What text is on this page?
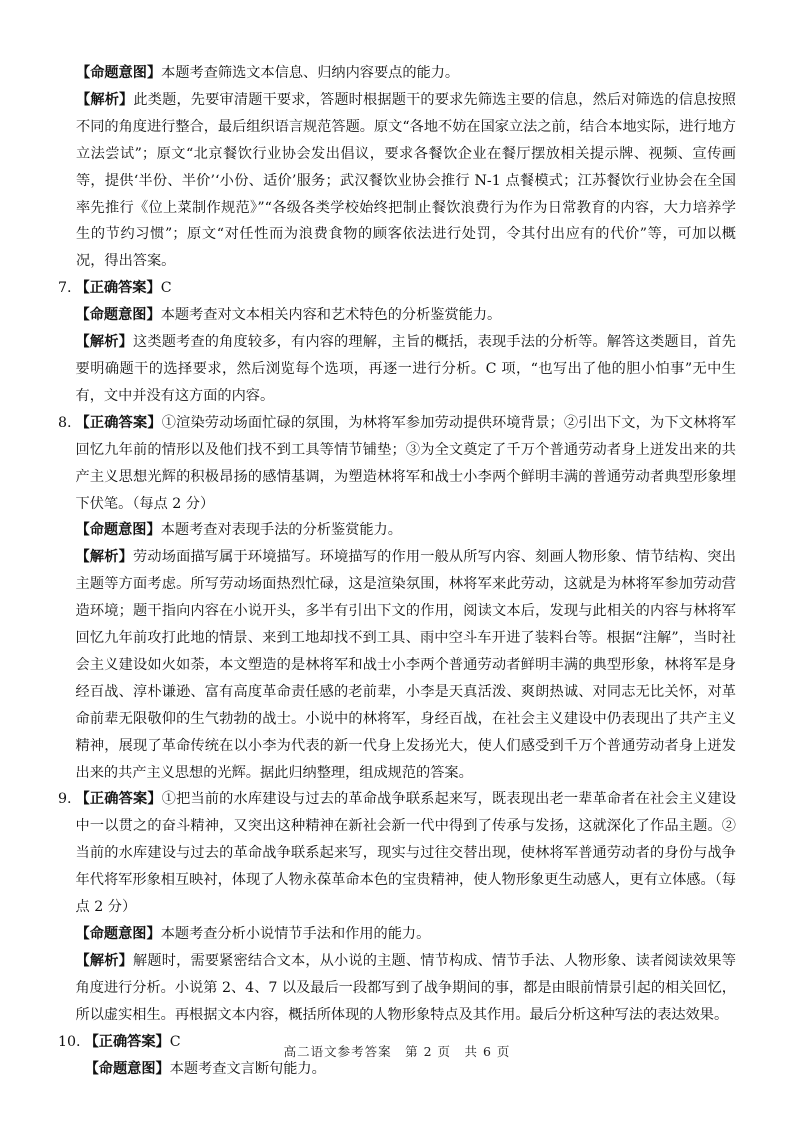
【命题意图】本题考查筛选文本信息、归纳内容要点的能力。

【解析】此类题，先要审清题干要求，答题时根据题干的要求先筛选主要的信息，然后对筛选的信息按照不同的角度进行整合，最后组织语言规范答题。原文“各地不妨在国家立法之前，结合本地实际，进行地方立法尝试”；原文“北京餐饮行业协会发出倡议，要求各餐饮企业在餐厅摆放相关提示牌、视频、宣传画等，提供‘半份、半价’‘小份、适价’服务；武汉餐饮业协会推行 N-1 点餐模式；江苏餐饮行业协会在全国率先推行《位上菜制作规范》”“各级各类学校始终把制止餐饮浪费行为作为日常教育的内容，大力培养学生的节约习惯”；原文“对任性而为浪费食物的顾客依法进行处罚，令其付出应有的代价”等，可加以概况，得出答案。

7. 【正确答案】C

【命题意图】本题考查对文本相关内容和艺术特色的分析鉴赏能力。

【解析】这类题考查的角度较多，有内容的理解，主旨的概括，表现手法的分析等。解答这类题目，首先要明确题干的选择要求，然后浏览每个选项，再逐一进行分析。C 项，“也写出了他的胆小怕事”无中生有，文中并没有这方面的内容。

8. 【正确答案】①渲染劳动场面忙碌的氛围，为林将军参加劳动提供环境背景；②引出下文，为下文林将军回忆九年前的情形以及他们找不到工具等情节铺垫；③为全文奠定了千万个普通劳动者身上迸发出来的共产主义思想光辉的积极昂扬的感情基调，为塑造林将军和战士小李两个鲜明丰满的普通劳动者典型形象埋下伏笔。（每点 2 分）

【命题意图】本题考查对表现手法的分析鉴赏能力。

【解析】劳动场面描写属于环境描写。环境描写的作用一般从所写内容、刻画人物形象、情节结构、突出主题等方面考虑。所写劳动场面热烈忙碌，这是渲染氛围，林将军来此劳动，这就是为林将军参加劳动营造环境；题干指向内容在小说开头，多半有引出下文的作用，阅读文本后，发现与此相关的内容与林将军回忆九年前攻打此地的情景、来到工地却找不到工具、雨中空斗车开进了装料台等。根据“注解”，当时社会主义建设如火如荼，本文塑造的是林将军和战士小李两个普通劳动者鲜明丰满的典型形象，林将军是身经百战、淳朴谦逊、富有高度革命责任感的老前辈，小李是天真活泼、爽朗热诚、对同志无比关怀，对革命前辈无限敬仰的生气勃勃的战士。小说中的林将军，身经百战，在社会主义建设中仍表现出了共产主义精神，展现了革命传统在以小李为代表的新一代身上发扬光大，使人们感受到千万个普通劳动者身上迸发出来的共产主义思想的光辉。据此归纳整理，组成规范的答案。

9. 【正确答案】①把当前的水库建设与过去的革命战争联系起来写，既表现出老一辈革命者在社会主义建设中一以贯之的奋斗精神，又突出这种精神在新社会新一代中得到了传承与发扬，这就深化了作品主题。②当前的水库建设与过去的革命战争联系起来写，现实与过往交替出现，使林将军普通劳动者的身份与战争年代将军形象相互映衬，体现了人物永葆革命本色的宝贵精神，使人物形象更生动感人，更有立体感。（每点 2 分）

【命题意图】本题考查分析小说情节手法和作用的能力。

【解析】解题时，需要紧密结合文本，从小说的主题、情节构成、情节手法、人物形象、读者阅读效果等角度进行分析。小说第 2、4、7 以及最后一段都写到了战争期间的事，都是由眼前情景引起的相关回忆，所以虚实相生。再根据文本内容，概括所体现的人物形象特点及其作用。最后分析这种写法的表达效果。

10. 【正确答案】C

【命题意图】本题考查文言断句能力。

高二语文参考答案　第 2 页　共 6 页
